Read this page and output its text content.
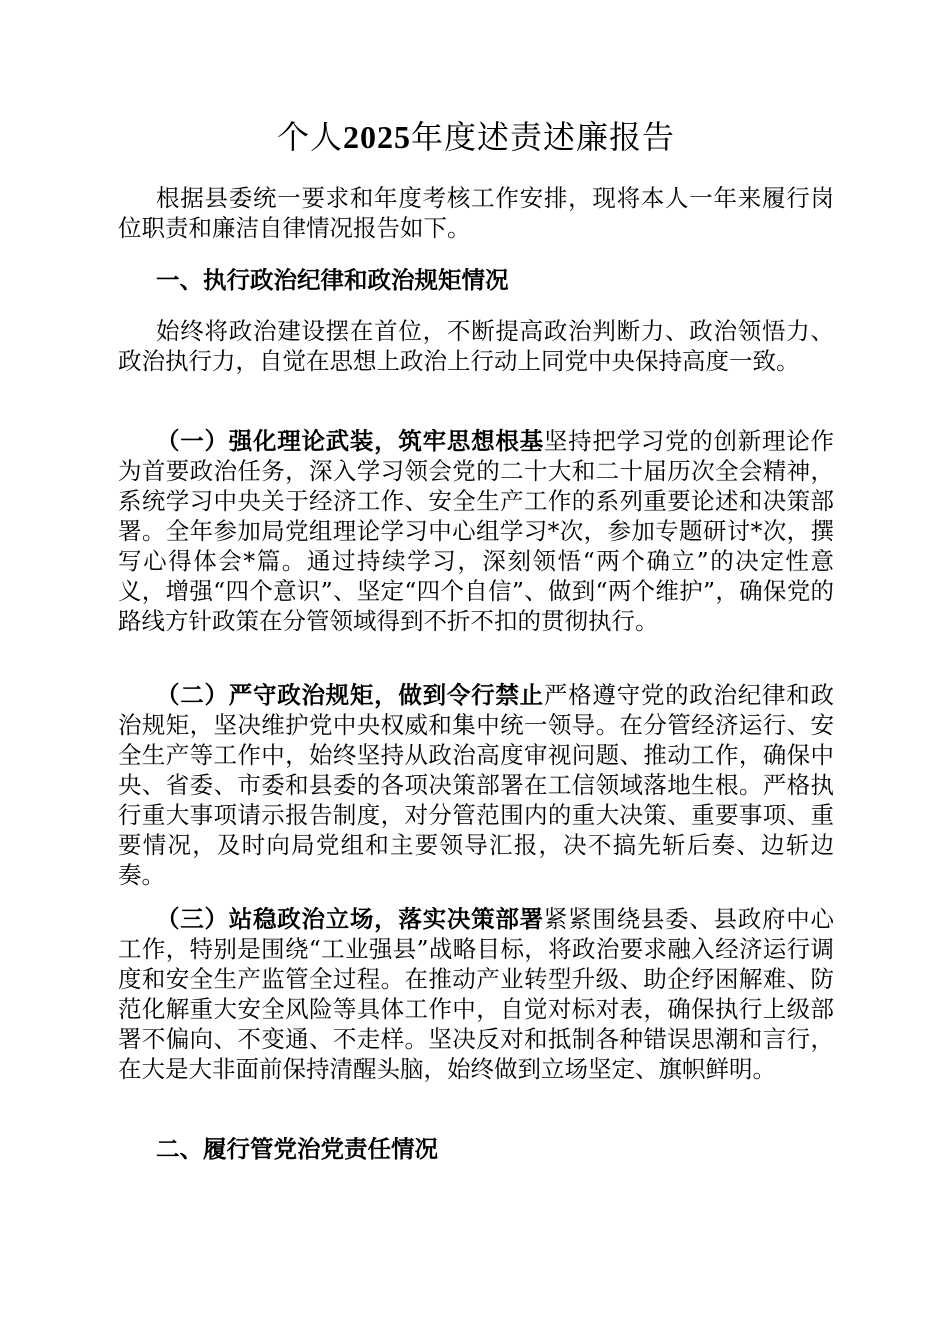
个人2025年度述责述廉报告

根据县委统一要求和年度考核工作安排，现将本人一年来履行岗位职责和廉洁自律情况报告如下。

一、执行政治纪律和政治规矩情况

始终将政治建设摆在首位，不断提高政治判断力、政治领悟力、政治执行力，自觉在思想上政治上行动上同党中央保持高度一致。

（一）强化理论武装，筑牢思想根基坚持把学习党的创新理论作为首要政治任务，深入学习领会党的二十大和二十届历次全会精神，系统学习中央关于经济工作、安全生产工作的系列重要论述和决策部署。全年参加局党组理论学习中心组学习*次，参加专题研讨*次，撰写心得体会*篇。通过持续学习，深刻领悟“两个确立”的决定性意义，增强“四个意识”、坚定“四个自信”、做到“两个维护”，确保党的路线方针政策在分管领域得到不折不扣的贯彻执行。

（二）严守政治规矩，做到令行禁止严格遵守党的政治纪律和政治规矩，坚决维护党中央权威和集中统一领导。在分管经济运行、安全生产等工作中，始终坚持从政治高度审视问题、推动工作，确保中央、省委、市委和县委的各项决策部署在工信领域落地生根。严格执行重大事项请示报告制度，对分管范围内的重大决策、重要事项、重要情况，及时向局党组和主要领导汇报，决不搞先斩后奏、边斩边奏。

（三）站稳政治立场，落实决策部署紧紧围绕县委、县政府中心工作，特别是围绕“工业强县”战略目标，将政治要求融入经济运行调度和安全生产监管全过程。在推动产业转型升级、助企纾困解难、防范化解重大安全风险等具体工作中，自觉对标对表，确保执行上级部署不偏向、不变通、不走样。坚决反对和抵制各种错误思潮和言行，在大是大非面前保持清醒头脑，始终做到立场坚定、旗帜鲜明。

二、履行管党治党责任情况
